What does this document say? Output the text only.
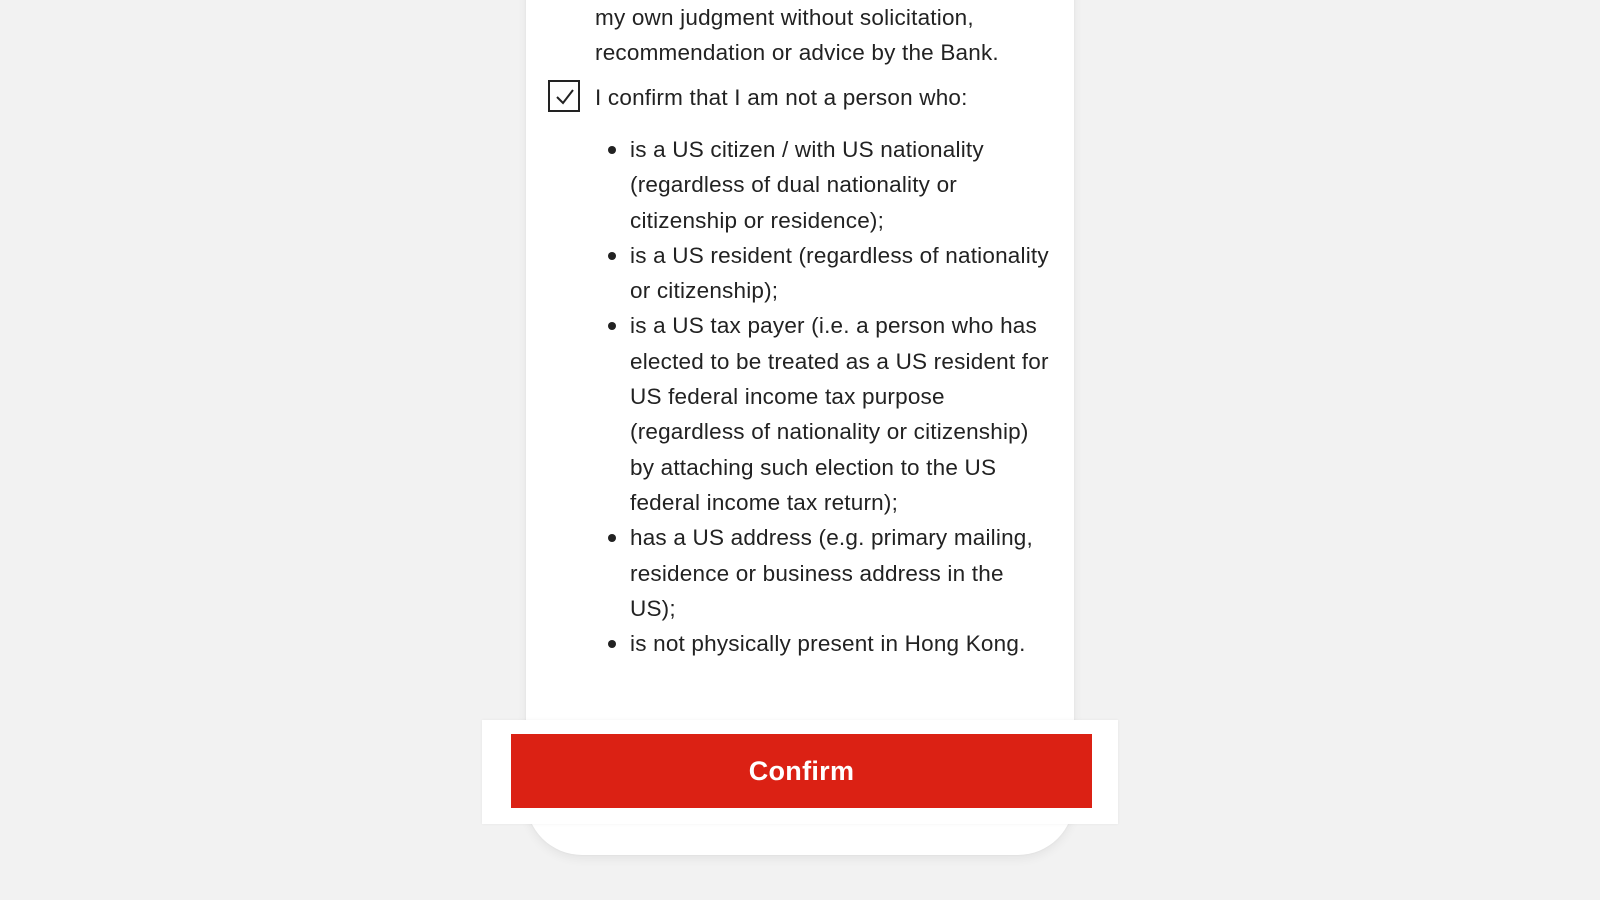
my own judgment without solicitation, recommendation or advice by the Bank.
I confirm that I am not a person who:
is a US citizen / with US nationality (regardless of dual nationality or citizenship or residence);
is a US resident (regardless of nationality or citizenship);
is a US tax payer (i.e. a person who has elected to be treated as a US resident for US federal income tax purpose (regardless of nationality or citizenship) by attaching such election to the US federal income tax return);
has a US address (e.g. primary mailing, residence or business address in the US);
is not physically present in Hong Kong.
Confirm
